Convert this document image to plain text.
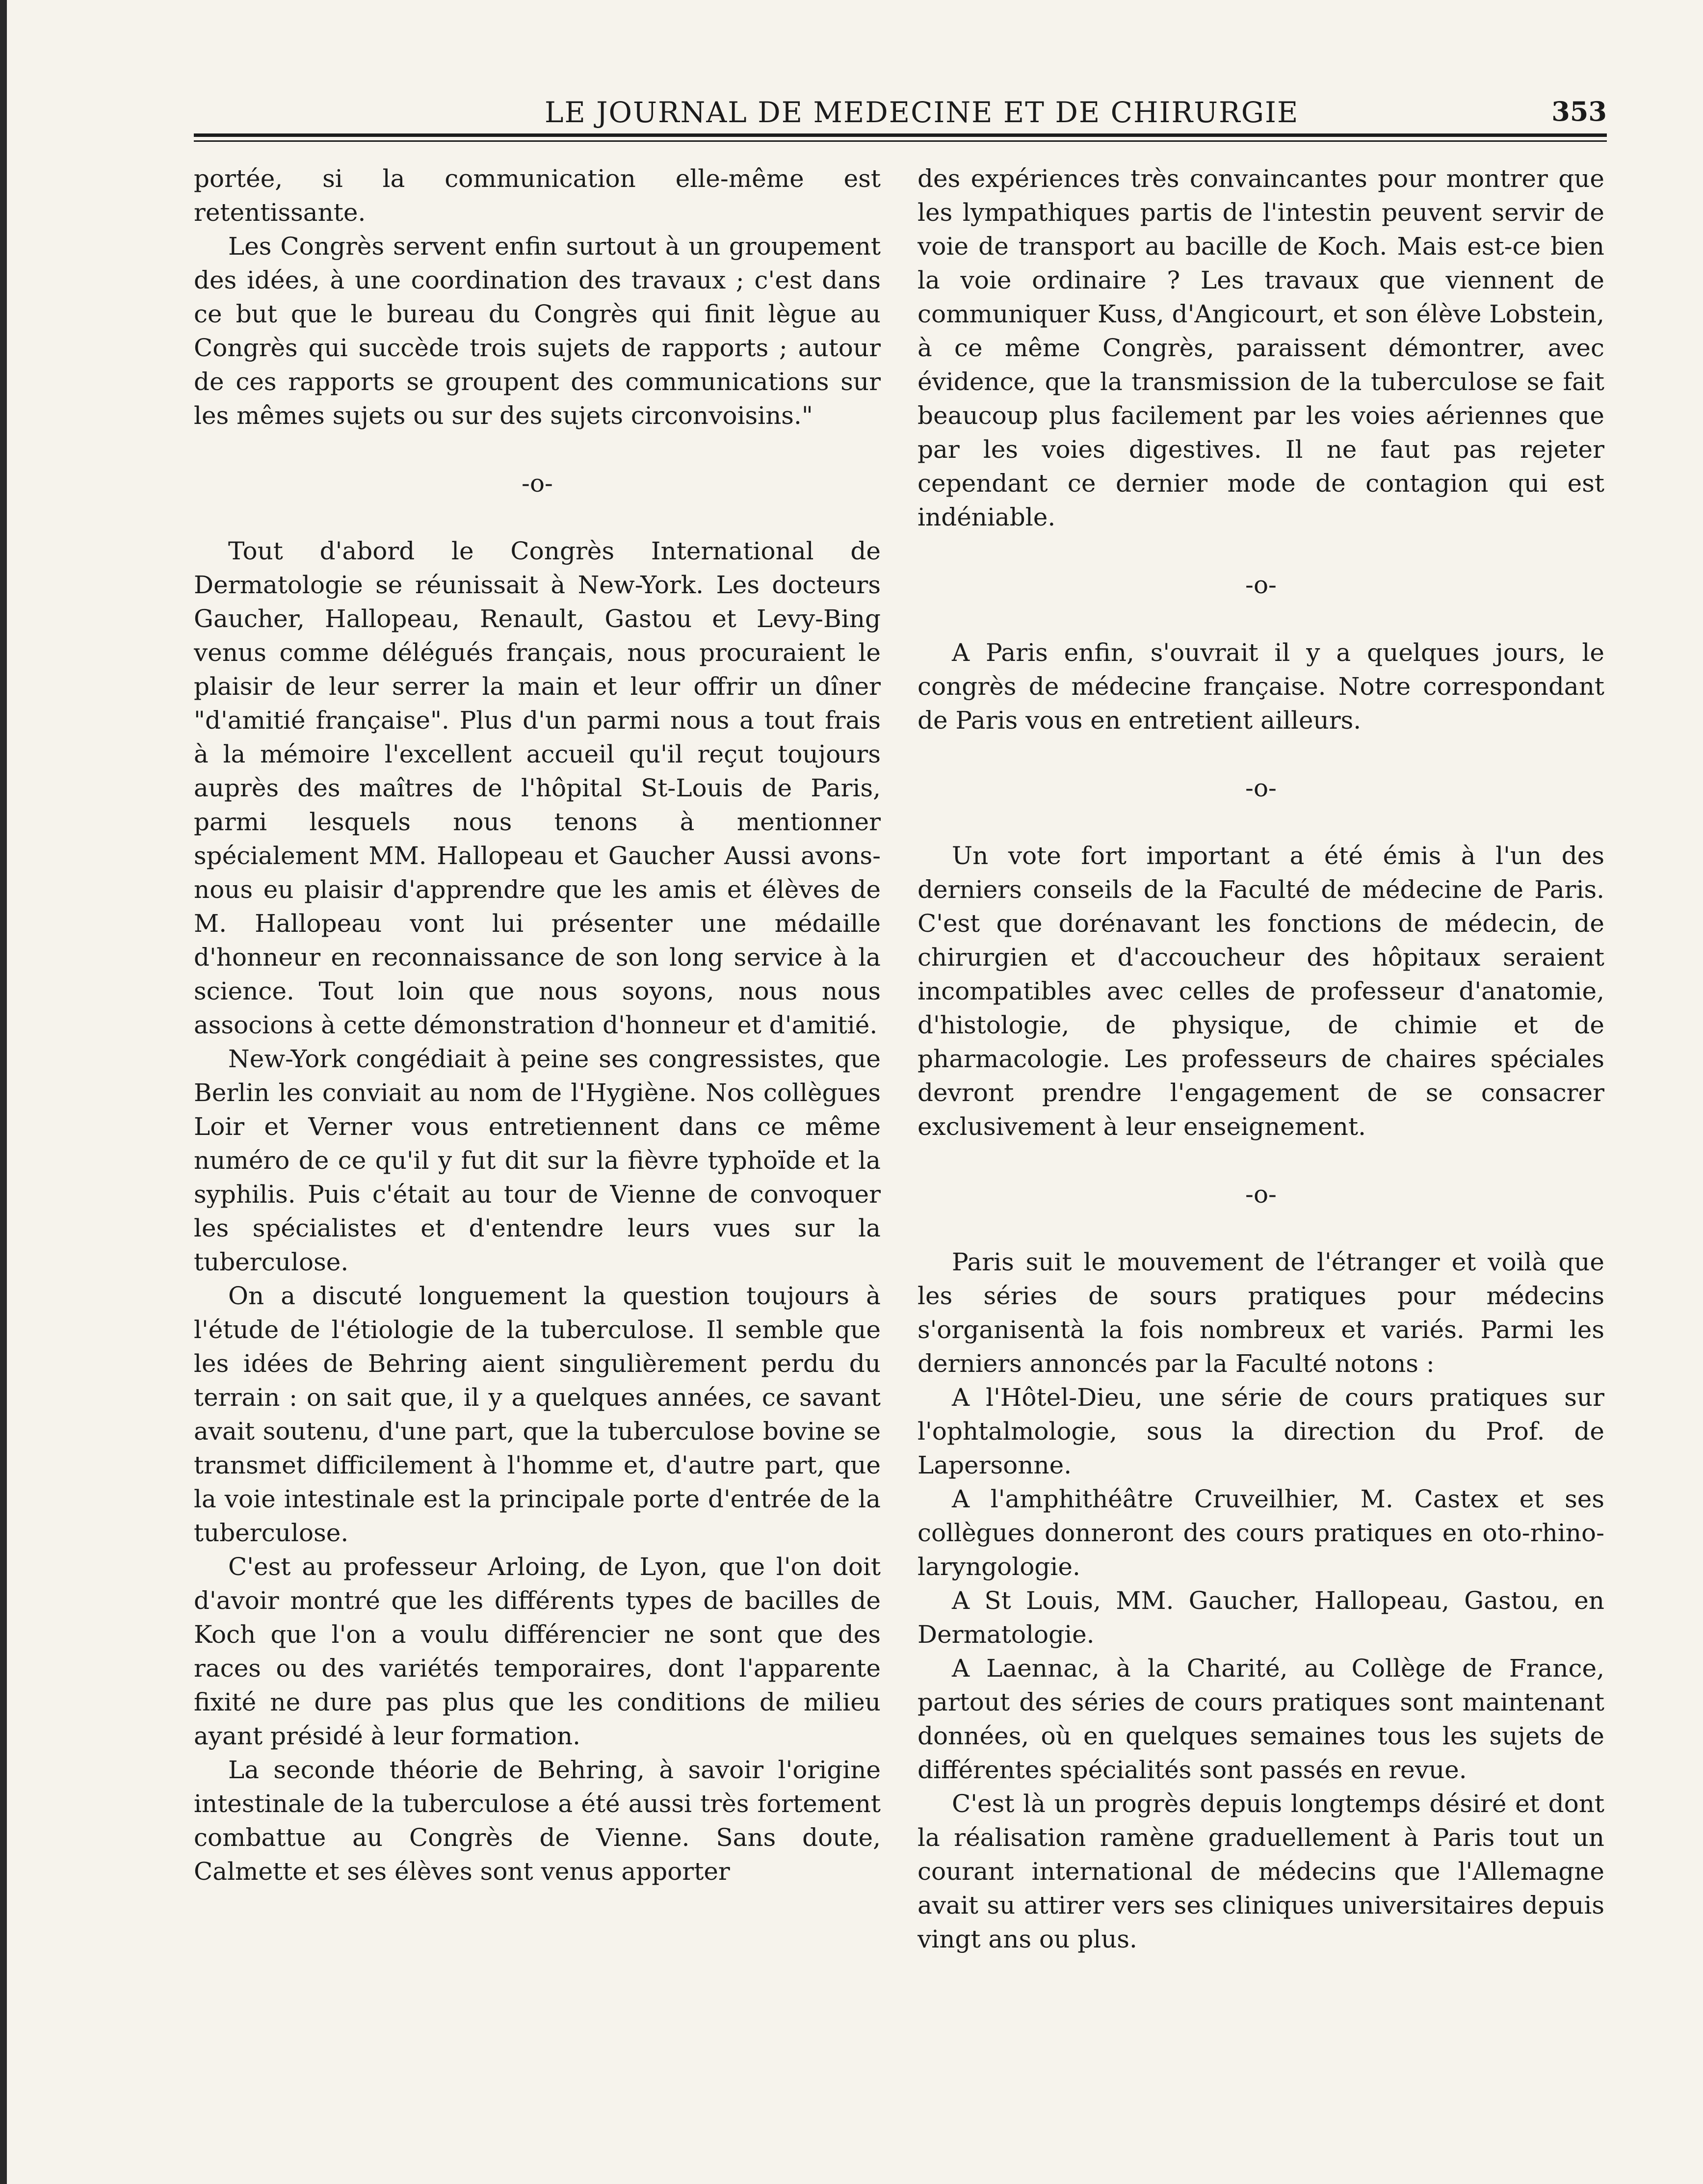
LE JOURNAL DE MEDECINE ET DE CHIRURGIE	353

portée, si la communication elle-même est retentissante.

Les Congrès servent enfin surtout à un groupement des idées, à une coordination des travaux ; c'est dans ce but que le bureau du Congrès qui finit lègue au Congrès qui succède trois sujets de rapports ; autour de ces rapports se groupent des communications sur les mêmes sujets ou sur des sujets circonvoisins."

-o-

Tout d'abord le Congrès International de Dermatologie se réunissait à New-York. Les docteurs Gaucher, Hallopeau, Renault, Gastou et Levy-Bing venus comme délégués français, nous procuraient le plaisir de leur serrer la main et leur offrir un dîner "d'amitié française". Plus d'un parmi nous a tout frais à la mémoire l'excellent accueil qu'il reçut toujours auprès des maîtres de l'hôpital St-Louis de Paris, parmi lesquels nous tenons à mentionner spécialement MM. Hallopeau et Gaucher Aussi avons-nous eu plaisir d'apprendre que les amis et élèves de M. Hallopeau vont lui présenter une médaille d'honneur en reconnaissance de son long service à la science. Tout loin que nous soyons, nous nous associons à cette démonstration d'honneur et d'amitié.

New-York congédiait à peine ses congressistes, que Berlin les conviait au nom de l'Hygiène. Nos collègues Loir et Verner vous entretiennent dans ce même numéro de ce qu'il y fut dit sur la fièvre typhoïde et la syphilis. Puis c'était au tour de Vienne de convoquer les spécialistes et d'entendre leurs vues sur la tuberculose.

On a discuté longuement la question toujours à l'étude de l'étiologie de la tuberculose. Il semble que les idées de Behring aient singulièrement perdu du terrain : on sait que, il y a quelques années, ce savant avait soutenu, d'une part, que la tuberculose bovine se transmet difficilement à l'homme et, d'autre part, que la voie intestinale est la principale porte d'entrée de la tuberculose.

C'est au professeur Arloing, de Lyon, que l'on doit d'avoir montré que les différents types de bacilles de Koch que l'on a voulu différencier ne sont que des races ou des variétés temporaires, dont l'apparente fixité ne dure pas plus que les conditions de milieu ayant présidé à leur formation.

La seconde théorie de Behring, à savoir l'origine intestinale de la tuberculose a été aussi très fortement combattue au Congrès de Vienne. Sans doute, Calmette et ses élèves sont venus apporter

des expériences très convaincantes pour montrer que les lympathiques partis de l'intestin peuvent servir de voie de transport au bacille de Koch. Mais est-ce bien la voie ordinaire ? Les travaux que viennent de communiquer Kuss, d'Angicourt, et son élève Lobstein, à ce même Congrès, paraissent démontrer, avec évidence, que la transmission de la tuberculose se fait beaucoup plus facilement par les voies aériennes que par les voies digestives. Il ne faut pas rejeter cependant ce dernier mode de contagion qui est indéniable.

-o-

A Paris enfin, s'ouvrait il y a quelques jours, le congrès de médecine française. Notre correspondant de Paris vous en entretient ailleurs.

-o-

Un vote fort important a été émis à l'un des derniers conseils de la Faculté de médecine de Paris. C'est que dorénavant les fonctions de médecin, de chirurgien et d'accoucheur des hôpitaux seraient incompatibles avec celles de professeur d'anatomie, d'histologie, de physique, de chimie et de pharmacologie. Les professeurs de chaires spéciales devront prendre l'engagement de se consacrer exclusivement à leur enseignement.

-o-

Paris suit le mouvement de l'étranger et voilà que les séries de sours pratiques pour médecins s'organisentà la fois nombreux et variés. Parmi les derniers annoncés par la Faculté notons :

A l'Hôtel-Dieu, une série de cours pratiques sur l'ophtalmologie, sous la direction du Prof. de Lapersonne.

A l'amphithéâtre Cruveilhier, M. Castex et ses collègues donneront des cours pratiques en oto-rhino-laryngologie.

A St Louis, MM. Gaucher, Hallopeau, Gastou, en Dermatologie.

A Laennac, à la Charité, au Collège de France, partout des séries de cours pratiques sont maintenant données, où en quelques semaines tous les sujets de différentes spécialités sont passés en revue.

C'est là un progrès depuis longtemps désiré et dont la réalisation ramène graduellement à Paris tout un courant international de médecins que l'Allemagne avait su attirer vers ses cliniques universitaires depuis vingt ans ou plus.
